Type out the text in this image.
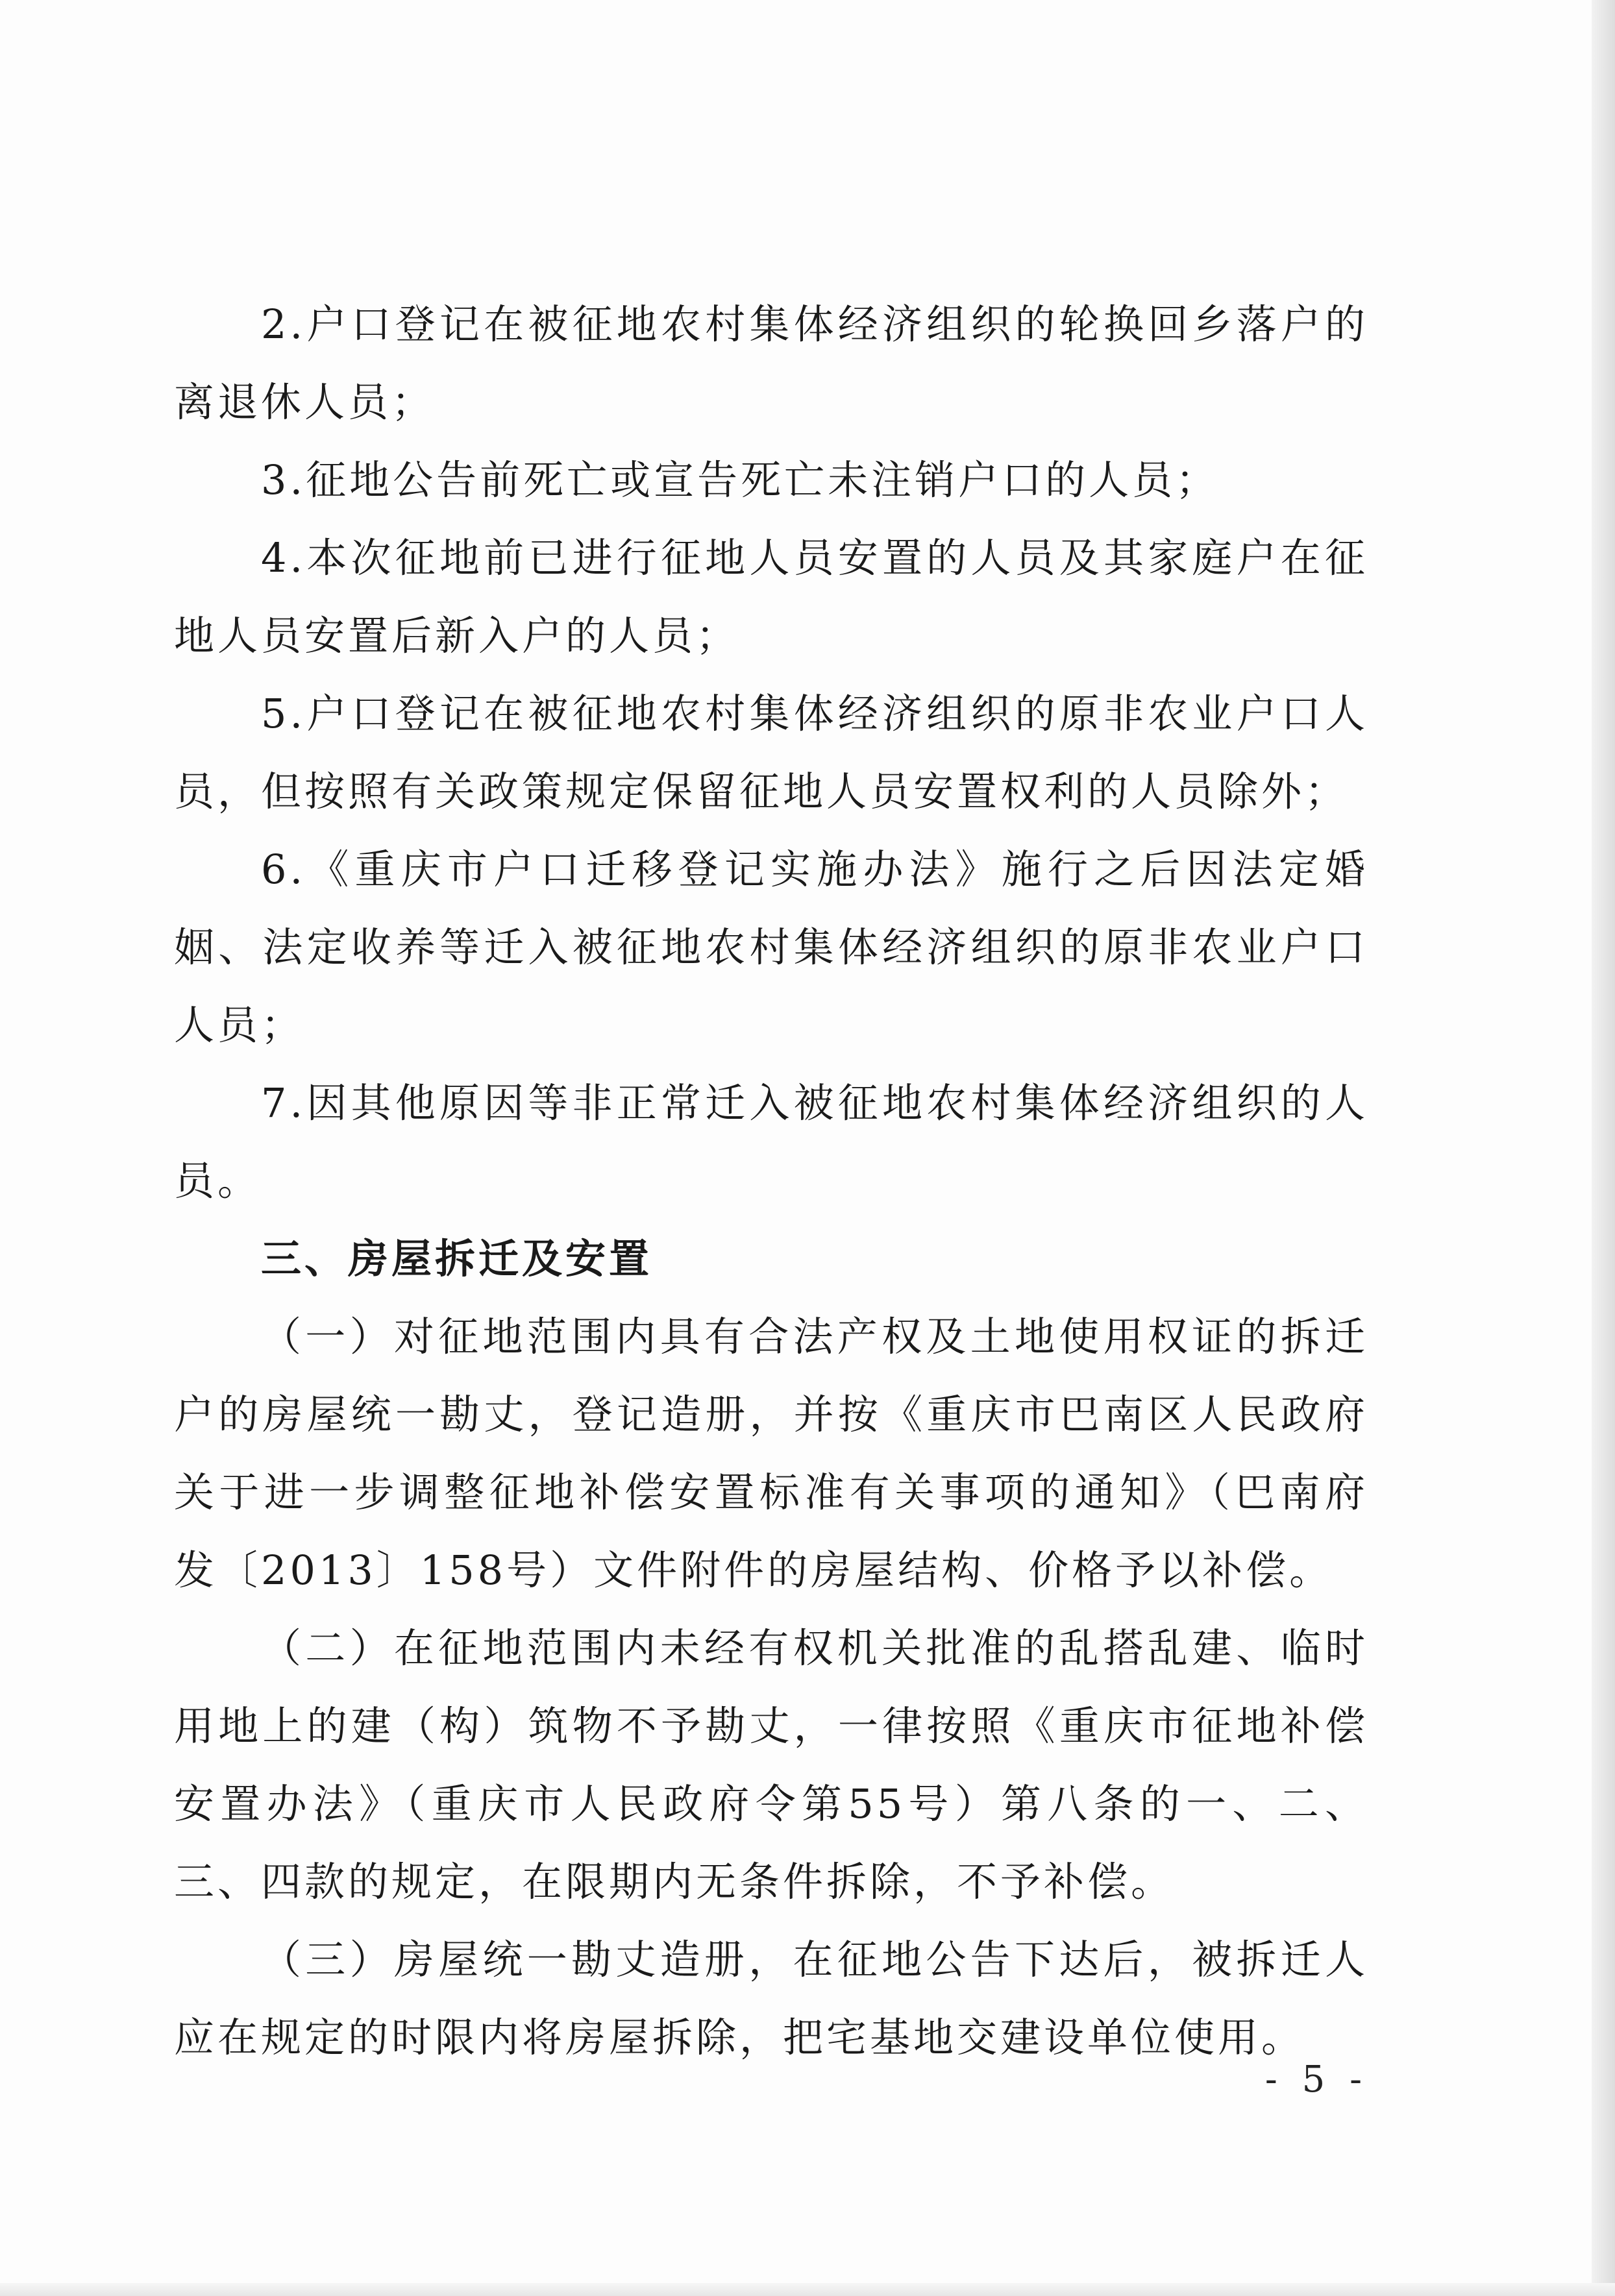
2.户口登记在被征地农村集体经济组织的轮换回乡落户的离退休人员；

3.征地公告前死亡或宣告死亡未注销户口的人员；

4.本次征地前已进行征地人员安置的人员及其家庭户在征地人员安置后新入户的人员；

5.户口登记在被征地农村集体经济组织的原非农业户口人员，但按照有关政策规定保留征地人员安置权利的人员除外；

6.《重庆市户口迁移登记实施办法》施行之后因法定婚姻、法定收养等迁入被征地农村集体经济组织的原非农业户口人员；

7.因其他原因等非正常迁入被征地农村集体经济组织的人员。

三、房屋拆迁及安置

（一）对征地范围内具有合法产权及土地使用权证的拆迁户的房屋统一勘丈，登记造册，并按《重庆市巴南区人民政府关于进一步调整征地补偿安置标准有关事项的通知》（巴南府发〔2013〕158号）文件附件的房屋结构、价格予以补偿。

（二）在征地范围内未经有权机关批准的乱搭乱建、临时用地上的建（构）筑物不予勘丈，一律按照《重庆市征地补偿安置办法》（重庆市人民政府令第55号）第八条的一、二、三、四款的规定，在限期内无条件拆除，不予补偿。

（三）房屋统一勘丈造册，在征地公告下达后，被拆迁人应在规定的时限内将房屋拆除，把宅基地交建设单位使用。

- 5 -
